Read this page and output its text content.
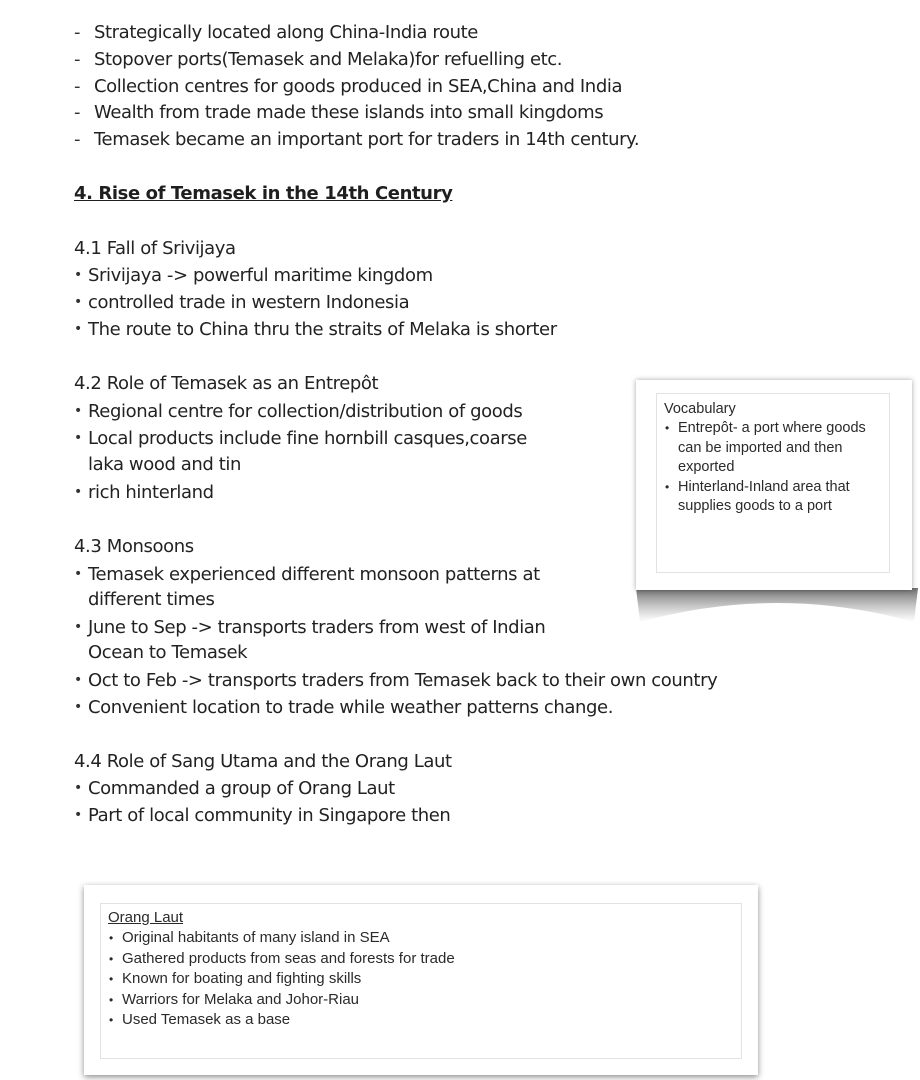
- Strategically located along China-India route
- Stopover ports(Temasek and Melaka)for refuelling etc.
- Collection centres for goods produced in SEA,China and India
- Wealth from trade made these islands into small kingdoms
- Temasek became an important port for traders in 14th century.
4. Rise of Temasek in the 14th Century
4.1 Fall of Srivijaya
• Srivijaya -> powerful maritime kingdom
• controlled trade in western Indonesia
• The route to China thru the straits of Melaka is shorter
4.2 Role of Temasek as an Entrepôt
• Regional centre for collection/distribution of goods
• Local products include fine hornbill casques,coarse
laka wood and tin
• rich hinterland
4.3 Monsoons
• Temasek experienced different monsoon patterns at
different times
• June to Sep -> transports traders from west of Indian
Ocean to Temasek
• Oct to Feb -> transports traders from Temasek back to their own country
• Convenient location to trade while weather patterns change.
4.4 Role of Sang Utama and the Orang Laut
• Commanded a group of Orang Laut
• Part of local community in Singapore then
Vocabulary
• Entrepôt- a port where goods can be imported and then exported
• Hinterland-Inland area that supplies goods to a port
Orang Laut
• Original habitants of many island in SEA
• Gathered products from seas and forests for trade
• Known for boating and fighting skills
• Warriors for Melaka and Johor-Riau
• Used Temasek as a base
